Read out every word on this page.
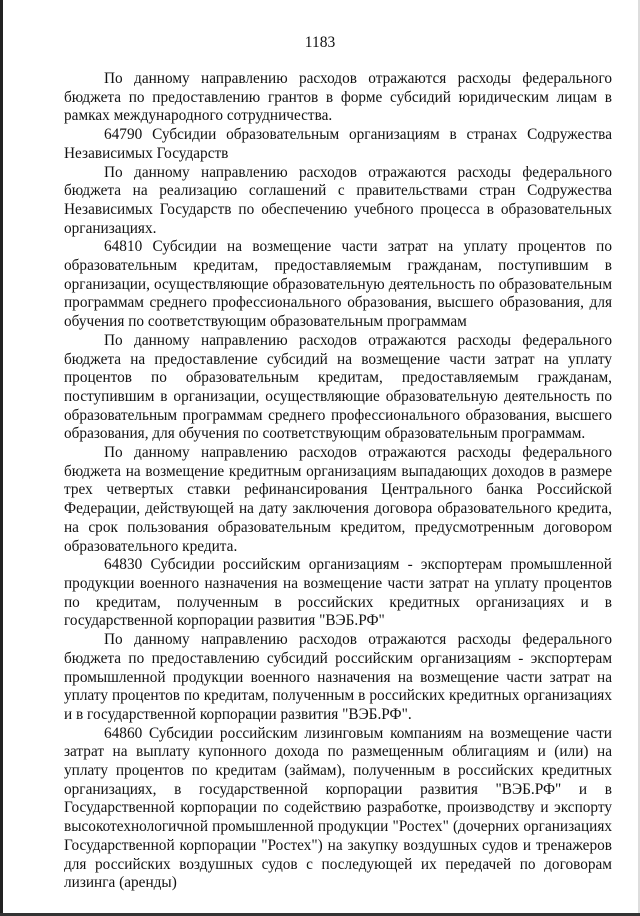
1183

По данному направлению расходов отражаются расходы федерального бюджета по предоставлению грантов в форме субсидий юридическим лицам в рамках международного сотрудничества.

64790 Субсидии образовательным организациям в странах Содружества Независимых Государств

По данному направлению расходов отражаются расходы федерального бюджета на реализацию соглашений с правительствами стран Содружества Независимых Государств по обеспечению учебного процесса в образовательных организациях.

64810 Субсидии на возмещение части затрат на уплату процентов по образовательным кредитам, предоставляемым гражданам, поступившим в организации, осуществляющие образовательную деятельность по образовательным программам среднего профессионального образования, высшего образования, для обучения по соответствующим образовательным программам

По данному направлению расходов отражаются расходы федерального бюджета на предоставление субсидий на возмещение части затрат на уплату процентов по образовательным кредитам, предоставляемым гражданам, поступившим в организации, осуществляющие образовательную деятельность по образовательным программам среднего профессионального образования, высшего образования, для обучения по соответствующим образовательным программам.

По данному направлению расходов отражаются расходы федерального бюджета на возмещение кредитным организациям выпадающих доходов в размере трех четвертых ставки рефинансирования Центрального банка Российской Федерации, действующей на дату заключения договора образовательного кредита, на срок пользования образовательным кредитом, предусмотренным договором образовательного кредита.

64830 Субсидии российским организациям - экспортерам промышленной продукции военного назначения на возмещение части затрат на уплату процентов по кредитам, полученным в российских кредитных организациях и в государственной корпорации развития "ВЭБ.РФ"

По данному направлению расходов отражаются расходы федерального бюджета по предоставлению субсидий российским организациям - экспортерам промышленной продукции военного назначения на возмещение части затрат на уплату процентов по кредитам, полученным в российских кредитных организациях и в государственной корпорации развития "ВЭБ.РФ".

64860 Субсидии российским лизинговым компаниям на возмещение части затрат на выплату купонного дохода по размещенным облигациям и (или) на уплату процентов по кредитам (займам), полученным в российских кредитных организациях, в государственной корпорации развития "ВЭБ.РФ" и в Государственной корпорации по содействию разработке, производству и экспорту высокотехнологичной промышленной продукции "Ростех" (дочерних организациях Государственной корпорации "Ростех") на закупку воздушных судов и тренажеров для российских воздушных судов с последующей их передачей по договорам лизинга (аренды)
